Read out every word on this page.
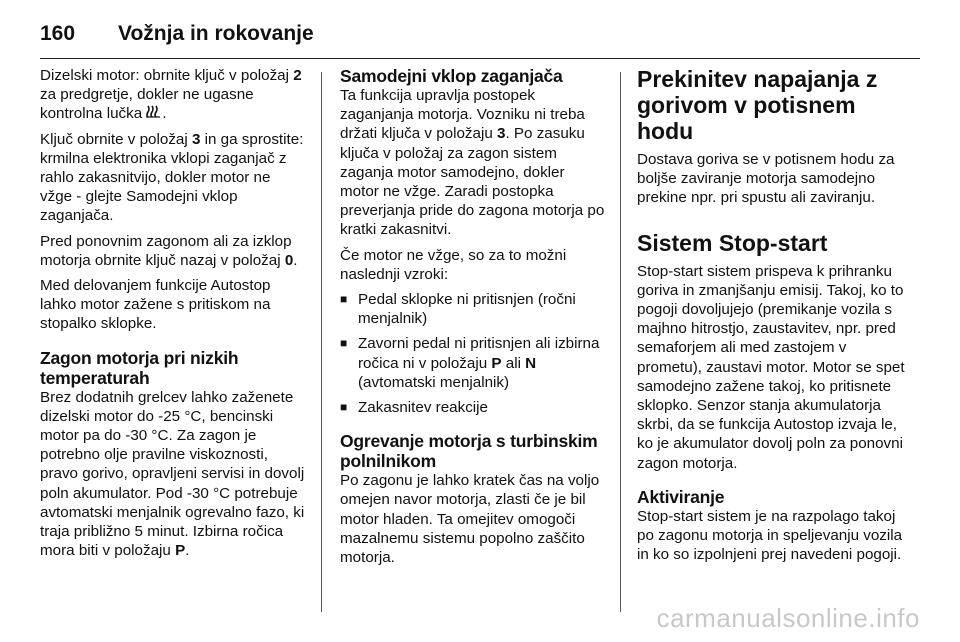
160	Vožnja in rokovanje

Dizelski motor: obrnite ključ v položaj 2 za predgretje, dokler ne ugasne kontrolna lučka .

Ključ obrnite v položaj 3 in ga sprostite: krmilna elektronika vklopi zaganjač z rahlo zakasnitvijo, dokler motor ne vžge - glejte Samodejni vklop zaganjača.

Pred ponovnim zagonom ali za izklop motorja obrnite ključ nazaj v položaj 0.

Med delovanjem funkcije Autostop lahko motor zažene s pritiskom na stopalko sklopke.

Zagon motorja pri nizkih temperaturah

Brez dodatnih grelcev lahko zaženete dizelski motor do -25 °C, bencinski motor pa do -30 °C. Za zagon je potrebno olje pravilne viskoznosti, pravo gorivo, opravljeni servisi in dovolj poln akumulator. Pod -30 °C potrebuje avtomatski menjalnik ogrevalno fazo, ki traja približno 5 minut. Izbirna ročica mora biti v položaju P.

Samodejni vklop zaganjača

Ta funkcija upravlja postopek zaganjanja motorja. Vozniku ni treba držati ključa v položaju 3. Po zasuku ključa v položaj za zagon sistem zaganja motor samodejno, dokler motor ne vžge. Zaradi postopka preverjanja pride do zagona motorja po kratki zakasnitvi.

Če motor ne vžge, so za to možni naslednji vzroki:

■ Pedal sklopke ni pritisnjen (ročni menjalnik)
■ Zavorni pedal ni pritisnjen ali izbirna ročica ni v položaju P ali N (avtomatski menjalnik)
■ Zakasnitev reakcije
Ogrevanje motorja s turbinskim polnilnikom

Po zagonu je lahko kratek čas na voljo omejen navor motorja, zlasti če je bil motor hladen. Ta omejitev omogoči mazalnemu sistemu popolno zaščito motorja.

Prekinitev napajanja z gorivom v potisnem hodu

Dostava goriva se v potisnem hodu za boljše zaviranje motorja samodejno prekine npr. pri spustu ali zaviranju.

Sistem Stop-start

Stop-start sistem prispeva k prihranku goriva in zmanjšanju emisij. Takoj, ko to pogoji dovoljujejo (premikanje vozila s majhno hitrostjo, zaustavitev, npr. pred semaforjem ali med zastojem v prometu), zaustavi motor. Motor se spet samodejno zažene takoj, ko pritisnete sklopko. Senzor stanja akumulatorja skrbi, da se funkcija Autostop izvaja le, ko je akumulator dovolj poln za ponovni zagon motorja.

Aktiviranje

Stop-start sistem je na razpolago takoj po zagonu motorja in speljevanju vozila in ko so izpolnjeni prej navedeni pogoji.

carmanualsonline.info
